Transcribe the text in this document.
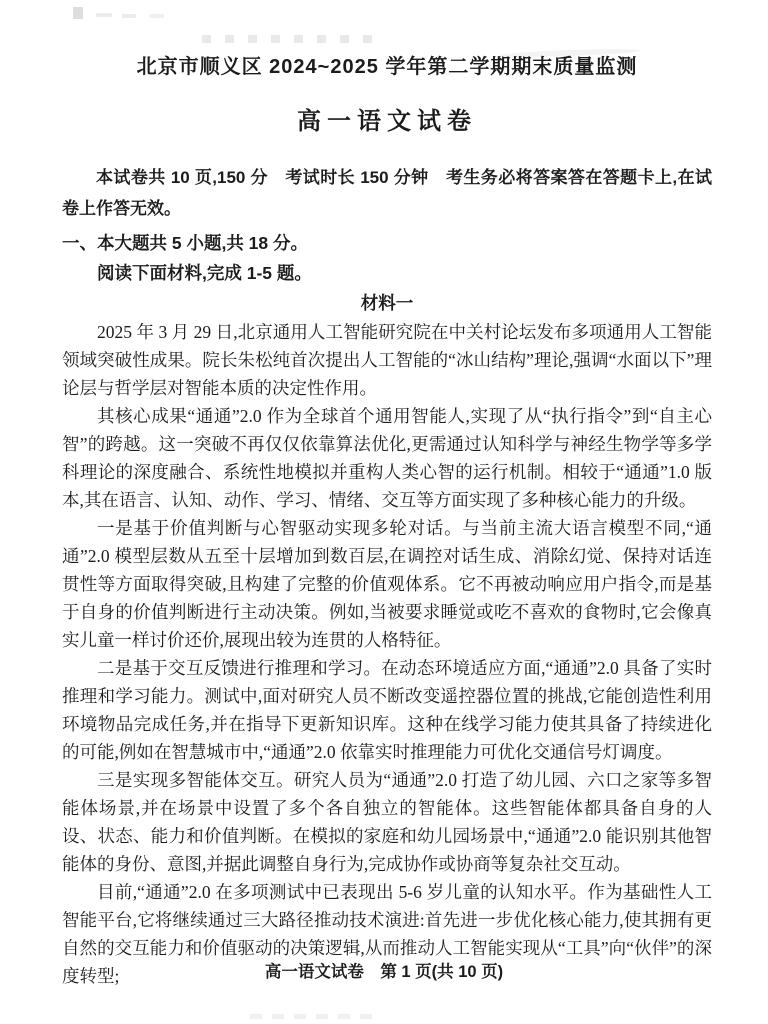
北京市顺义区 2024~2025 学年第二学期期末质量监测

高一语文试卷

本试卷共 10 页,150 分　考试时长 150 分钟　考生务必将答案答在答题卡上,在试卷上作答无效。

一、本大题共 5 小题,共 18 分。

阅读下面材料,完成 1-5 题。

材料一

2025 年 3 月 29 日,北京通用人工智能研究院在中关村论坛发布多项通用人工智能领域突破性成果。院长朱松纯首次提出人工智能的“冰山结构”理论,强调“水面以下”理论层与哲学层对智能本质的决定性作用。

其核心成果“通通”2.0 作为全球首个通用智能人,实现了从“执行指令”到“自主心智”的跨越。这一突破不再仅仅依靠算法优化,更需通过认知科学与神经生物学等多学科理论的深度融合、系统性地模拟并重构人类心智的运行机制。相较于“通通”1.0 版本,其在语言、认知、动作、学习、情绪、交互等方面实现了多种核心能力的升级。

一是基于价值判断与心智驱动实现多轮对话。与当前主流大语言模型不同,“通通”2.0 模型层数从五至十层增加到数百层,在调控对话生成、消除幻觉、保持对话连贯性等方面取得突破,且构建了完整的价值观体系。它不再被动响应用户指令,而是基于自身的价值判断进行主动决策。例如,当被要求睡觉或吃不喜欢的食物时,它会像真实儿童一样讨价还价,展现出较为连贯的人格特征。

二是基于交互反馈进行推理和学习。在动态环境适应方面,“通通”2.0 具备了实时推理和学习能力。测试中,面对研究人员不断改变遥控器位置的挑战,它能创造性利用环境物品完成任务,并在指导下更新知识库。这种在线学习能力使其具备了持续进化的可能,例如在智慧城市中,“通通”2.0 依靠实时推理能力可优化交通信号灯调度。

三是实现多智能体交互。研究人员为“通通”2.0 打造了幼儿园、六口之家等多智能体场景,并在场景中设置了多个各自独立的智能体。这些智能体都具备自身的人设、状态、能力和价值判断。在模拟的家庭和幼儿园场景中,“通通”2.0 能识别其他智能体的身份、意图,并据此调整自身行为,完成协作或协商等复杂社交互动。

目前,“通通”2.0 在多项测试中已表现出 5-6 岁儿童的认知水平。作为基础性人工智能平台,它将继续通过三大路径推动技术演进:首先进一步优化核心能力,使其拥有更自然的交互能力和价值驱动的决策逻辑,从而推动人工智能实现从“工具”向“伙伴”的深度转型;	高一语文试卷　第 1 页(共 10 页)
